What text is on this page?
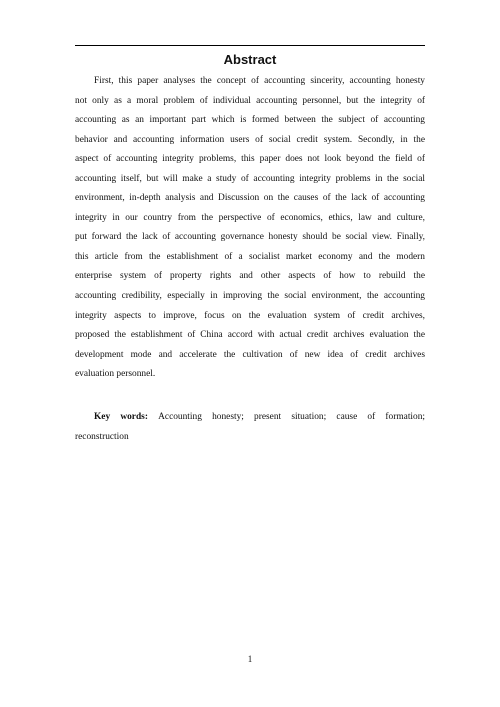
Abstract
First, this paper analyses the concept of accounting sincerity, accounting honesty
not only as a moral problem of individual accounting personnel, but the integrity of
accounting as an important part which is formed between the subject of accounting
behavior and accounting information users of social credit system. Secondly, in the
aspect of accounting integrity problems, this paper does not look beyond the field of
accounting itself, but will make a study of accounting integrity problems in the social
environment, in-depth analysis and Discussion on the causes of the lack of accounting
integrity in our country from the perspective of economics, ethics, law and culture,
put forward the lack of accounting governance honesty should be social view. Finally,
this article from the establishment of a socialist market economy and the modern
enterprise system of property rights and other aspects of how to rebuild the
accounting credibility, especially in improving the social environment, the accounting
integrity aspects to improve, focus on the evaluation system of credit archives,
proposed the establishment of China accord with actual credit archives evaluation the
development mode and accelerate the cultivation of new idea of credit archives
evaluation personnel.
Key words: Accounting honesty; present situation; cause of formation;
reconstruction
1
